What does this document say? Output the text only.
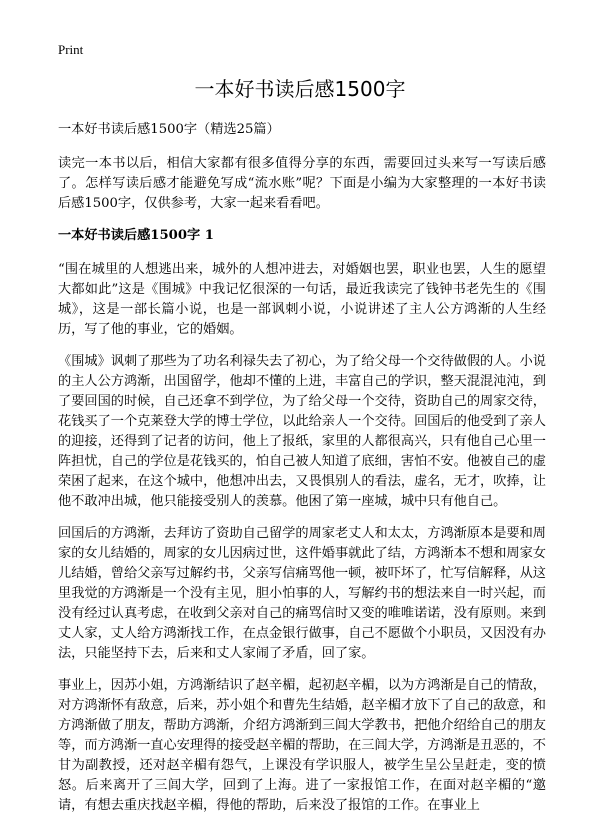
Print
一本好书读后感1500字

一本好书读后感1500字（精选25篇）

读完一本书以后，相信大家都有很多值得分享的东西，需要回过头来写一写读后感了。怎样写读后感才能避免写成“流水账”呢？下面是小编为大家整理的一本好书读后感1500字，仅供参考，大家一起来看看吧。

一本好书读后感1500字 1

“围在城里的人想逃出来，城外的人想冲进去，对婚姻也罢，职业也罢，人生的愿望大都如此”这是《围城》中我记忆很深的一句话，最近我读完了钱钟书老先生的《围城》，这是一部长篇小说，也是一部讽刺小说，小说讲述了主人公方鸿渐的人生经历，写了他的事业，它的婚姻。

《围城》讽刺了那些为了功名利禄失去了初心，为了给父母一个交待做假的人。小说的主人公方鸿渐，出国留学，他却不懂的上进，丰富自己的学识，整天混混沌沌，到了要回国的时候，自己还拿不到学位，为了给父母一个交待，资助自己的周家交待，花钱买了一个克莱登大学的博士学位，以此给亲人一个交待。回国后的他受到了亲人的迎接，还得到了记者的访问，他上了报纸，家里的人都很高兴，只有他自己心里一阵担忧，自己的学位是花钱买的，怕自己被人知道了底细，害怕不安。他被自己的虚荣困了起来，在这个城中，他想冲出去，又畏惧别人的看法，虚名，无才，吹捧，让他不敢冲出城，他只能接受别人的羡慕。他困了第一座城，城中只有他自己。

回国后的方鸿渐，去拜访了资助自己留学的周家老丈人和太太，方鸿渐原本是要和周家的女儿结婚的，周家的女儿因病过世，这件婚事就此了结，方鸿渐本不想和周家女儿结婚，曾给父亲写过解约书，父亲写信痛骂他一顿，被吓坏了，忙写信解释，从这里我觉的方鸿渐是一个没有主见，胆小怕事的人，写解约书的想法来自一时兴起，而没有经过认真考虑，在收到父亲对自己的痛骂信时又变的唯唯诺诺，没有原则。来到丈人家，丈人给方鸿渐找工作，在点金银行做事，自己不愿做个小职员，又因没有办法，只能坚持下去，后来和丈人家闹了矛盾，回了家。

事业上，因苏小姐，方鸿渐结识了赵辛楣，起初赵辛楣，以为方鸿渐是自己的情敌，对方鸿渐怀有敌意，后来，苏小姐个和曹先生结婚，赵辛楣才放下了自己的敌意，和方鸿渐做了朋友，帮助方鸿渐，介绍方鸿渐到三闾大学教书，把他介绍给自己的朋友等，而方鸿渐一直心安理得的接受赵辛楣的帮助，在三闾大学，方鸿渐是丑恶的，不甘为副教授，还对赵辛楣有怨气，上课没有学识服人，被学生呈公呈赶走，变的愤怒。后来离开了三闾大学，回到了上海。进了一家报馆工作，在面对赵辛楣的“邀请，有想去重庆找赵辛楣，得他的帮助，后来没了报馆的工作。在事业上
